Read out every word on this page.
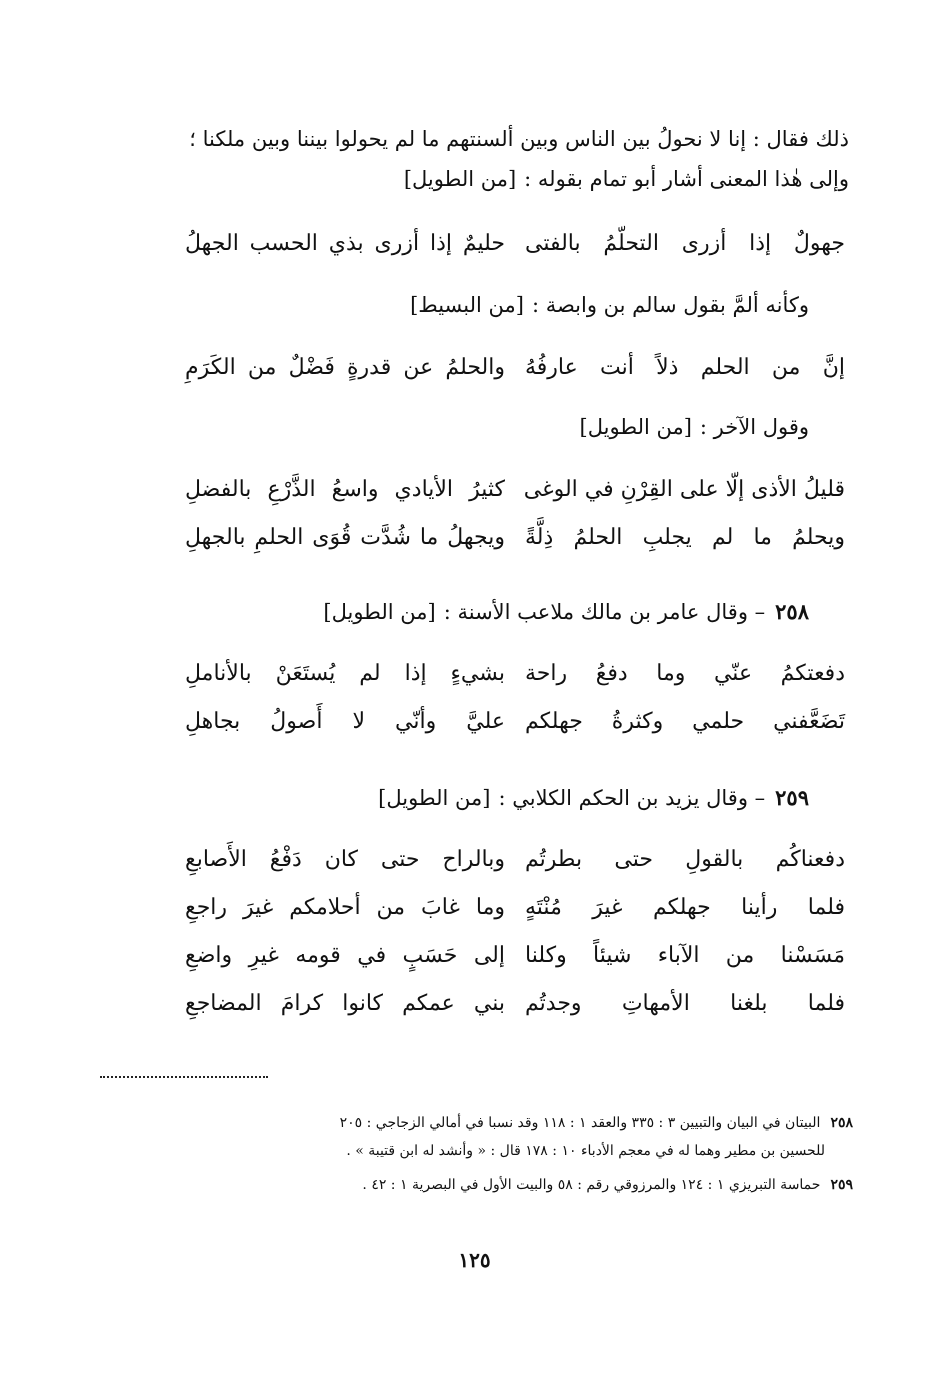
ذلك فقال : إنا لا نحولُ بين الناس وبين ألسنتهم ما لم يحولوا بيننا وبين ملكنا ؛
وإلى هٰذا المعنى أشار أبو تمام بقوله :[من الطويل]
جهولٌ إذا أزرى التحلّمُ بالفتى
حليمٌ إذا أزرى بذي الحسب الجهلُ
وكأنه ألمَّ بقول سالم بن وابصة :[من البسيط]
إنَّ من الحلم ذلاً أنت عارفُهُ
والحلمُ عن قدرةٍ فَضْلٌ من الكَرَمِ
وقول الآخر :[من الطويل]
قليلُ الأذى إلّا على القِرْنِ في الوغى
كثيرُ الأيادي واسعُ الذَّرْعِ بالفضلِ
ويحلمُ ما لم يجلبِ الحلمُ ذِلَّةً
ويجهلُ ما شُدَّت قُوَى الحلمِ بالجهلِ
٢٥٨– وقال عامر بن مالك ملاعب الأسنة :[من الطويل]
دفعتكمُ عنّي وما دفعُ راحة
بشيءٍ إذا لم يُستَعَنْ بالأناملِ
تَضَعَّفني حلمي وكثرةُ جهلكم
عليَّ وأنّي لا أَصولُ بجاهلِ
٢٥٩– وقال يزيد بن الحكم الكلابي :[من الطويل]
دفعناكُم بالقولِ حتى بطرتُم
وبالراح حتى كان دَفْعُ الأَصابعِ
فلما رأينا جهلكم غيرَ مُنْتَهٍ
وما غابَ من أحلامكم غيرَ راجعِ
مَسَسْنا من الآباء شيئاً وكلنا
إلى حَسَبٍ في قومه غيرِ واضعِ
فلما بلغنا الأمهاتِ وجدتُم
بني عمكم كانوا كرامَ المضاجعِ
٢٥٨البيتان في البيان والتبيين ٣ : ٣٣٥ والعقد ١ : ١١٨ وقد نسبا في أمالي الزجاجي : ٢٠٥
للحسين بن مطير وهما له في معجم الأدباء ١٠ : ١٧٨ قال : « وأنشد له ابن قتيبة » .
٢٥٩حماسة التبريزي ١ : ١٢٤ والمرزوقي رقم : ٥٨ والبيت الأول في البصرية ١ : ٤٢ .
١٢٥
